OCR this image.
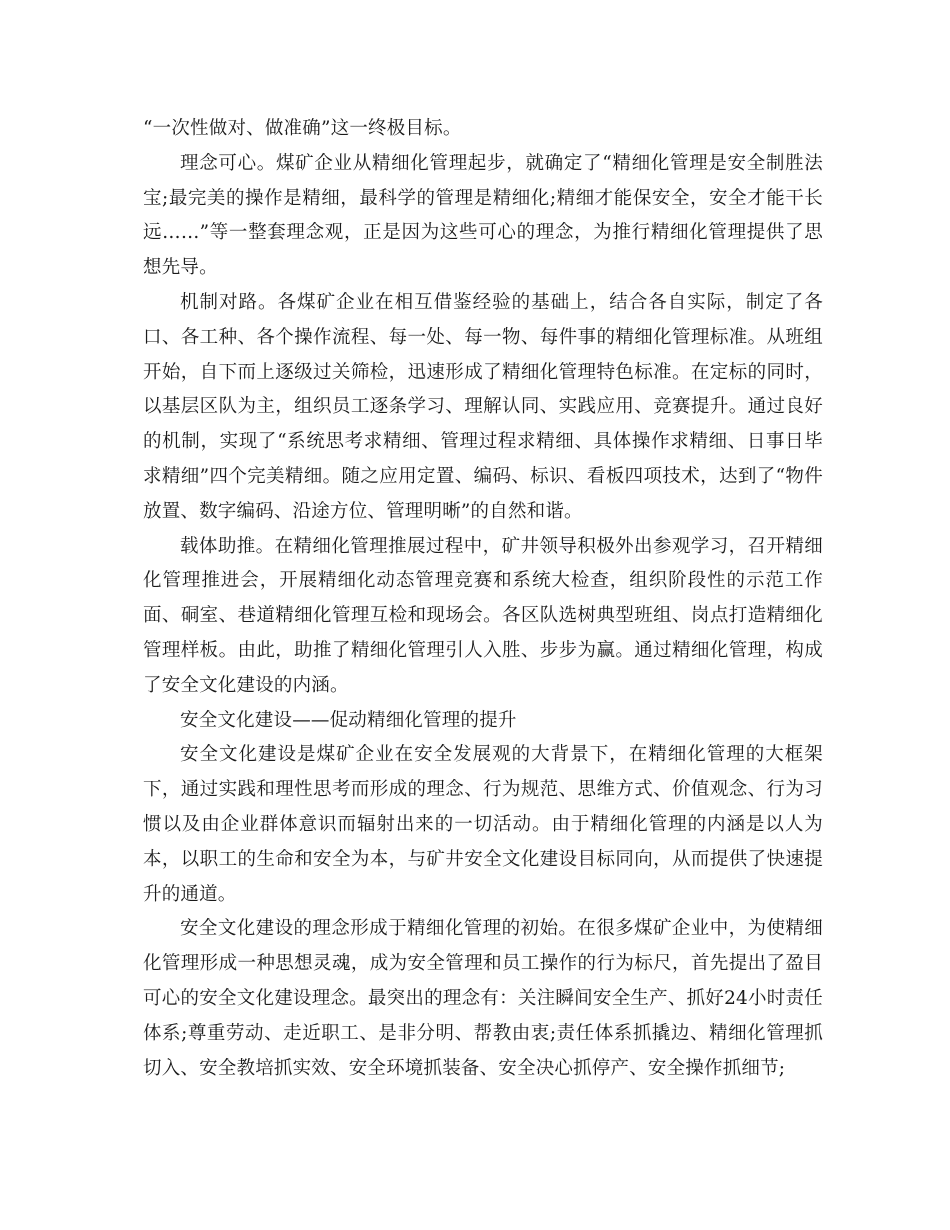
“一次性做对、做准确”这一终极目标。

理念可心。煤矿企业从精细化管理起步，就确定了“精细化管理是安全制胜法宝;最完美的操作是精细，最科学的管理是精细化;精细才能保安全，安全才能干长远……”等一整套理念观，正是因为这些可心的理念，为推行精细化管理提供了思想先导。

机制对路。各煤矿企业在相互借鉴经验的基础上，结合各自实际，制定了各口、各工种、各个操作流程、每一处、每一物、每件事的精细化管理标准。从班组开始，自下而上逐级过关筛检，迅速形成了精细化管理特色标准。在定标的同时，以基层区队为主，组织员工逐条学习、理解认同、实践应用、竞赛提升。通过良好的机制，实现了“系统思考求精细、管理过程求精细、具体操作求精细、日事日毕求精细”四个完美精细。随之应用定置、编码、标识、看板四项技术，达到了“物件放置、数字编码、沿途方位、管理明晰”的自然和谐。

载体助推。在精细化管理推展过程中，矿井领导积极外出参观学习，召开精细化管理推进会，开展精细化动态管理竞赛和系统大检查，组织阶段性的示范工作面、硐室、巷道精细化管理互检和现场会。各区队选树典型班组、岗点打造精细化管理样板。由此，助推了精细化管理引人入胜、步步为赢。通过精细化管理，构成了安全文化建设的内涵。

安全文化建设——促动精细化管理的提升

安全文化建设是煤矿企业在安全发展观的大背景下，在精细化管理的大框架下，通过实践和理性思考而形成的理念、行为规范、思维方式、价值观念、行为习惯以及由企业群体意识而辐射出来的一切活动。由于精细化管理的内涵是以人为本，以职工的生命和安全为本，与矿井安全文化建设目标同向，从而提供了快速提升的通道。

安全文化建设的理念形成于精细化管理的初始。在很多煤矿企业中，为使精细化管理形成一种思想灵魂，成为安全管理和员工操作的行为标尺，首先提出了盈目可心的安全文化建设理念。最突出的理念有：关注瞬间安全生产、抓好24小时责任体系;尊重劳动、走近职工、是非分明、帮教由衷;责任体系抓撬边、精细化管理抓切入、安全教培抓实效、安全环境抓装备、安全决心抓停产、安全操作抓细节;
